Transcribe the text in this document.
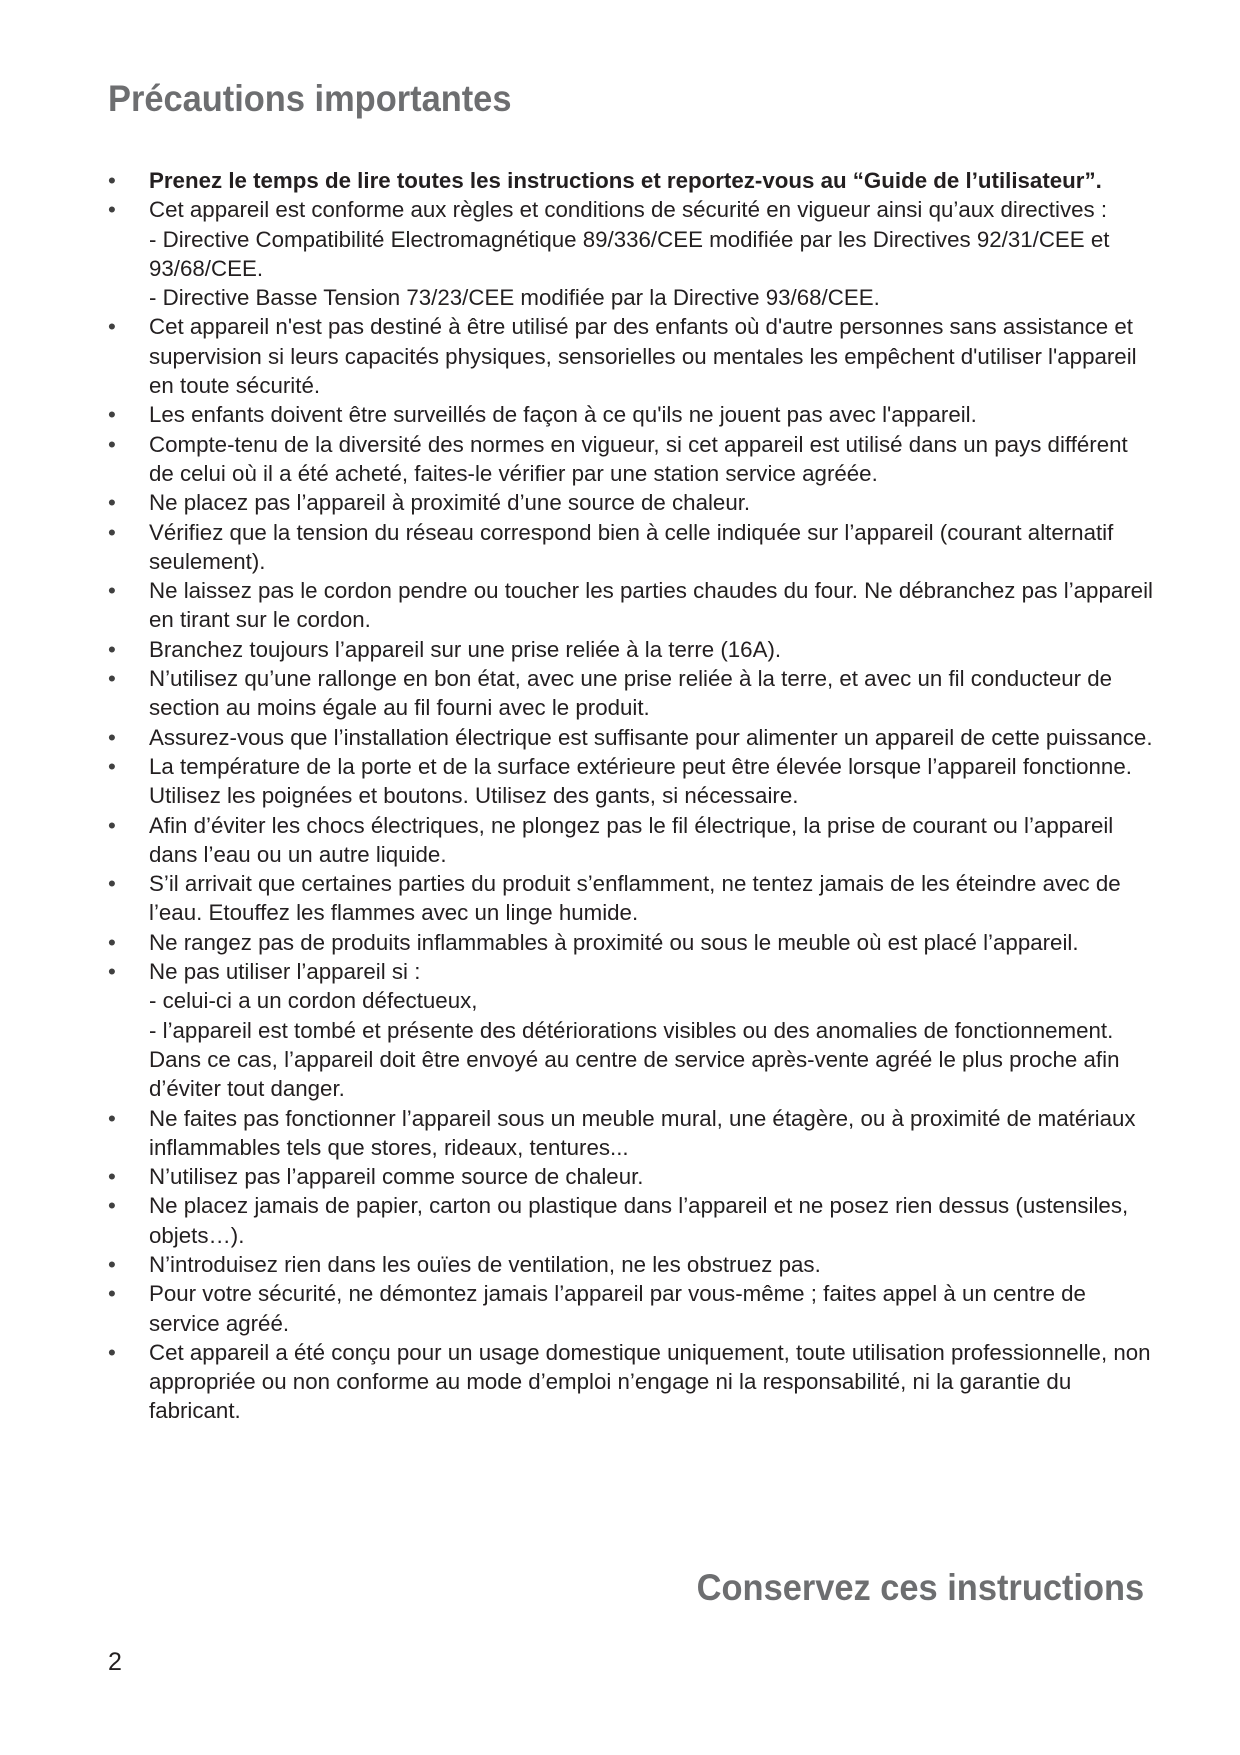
Précautions importantes
•	Prenez le temps de lire toutes les instructions et reportez-vous au “Guide de l’utilisateur”.
•	Cet appareil est conforme aux règles et conditions de sécurité en vigueur ainsi qu’aux directives :
- Directive Compatibilité Electromagnétique 89/336/CEE modifiée par les Directives 92/31/CEE et 93/68/CEE.
- Directive Basse Tension 73/23/CEE modifiée par la Directive 93/68/CEE.
•	Cet appareil n'est pas destiné à être utilisé par des enfants où d'autre personnes sans assistance et supervision si leurs capacités physiques, sensorielles ou mentales les empêchent d'utiliser l'appareil en toute sécurité.
•	Les enfants doivent être surveillés de façon à ce qu'ils ne jouent pas avec l'appareil.
•	Compte-tenu de la diversité des normes en vigueur, si cet appareil est utilisé dans un pays différent de celui où il a été acheté, faites-le vérifier par une station service agréée.
•	Ne placez pas l’appareil à proximité d’une source de chaleur.
•	Vérifiez que la tension du réseau correspond bien à celle indiquée sur l’appareil (courant alternatif seulement).
•	Ne laissez pas le cordon pendre ou toucher les parties chaudes du four. Ne débranchez pas l’appareil en tirant sur le cordon.
•	Branchez toujours l’appareil sur une prise reliée à la terre (16A).
•	N’utilisez qu’une rallonge en bon état, avec une prise reliée à la terre, et avec un fil conducteur de section au moins égale au fil fourni avec le produit.
•	Assurez-vous que l’installation électrique est suffisante pour alimenter un appareil de cette puissance.
•	La température de la porte et de la surface extérieure peut être élevée lorsque l’appareil fonctionne. Utilisez les poignées et boutons. Utilisez des gants, si nécessaire.
•	Afin d’éviter les chocs électriques, ne plongez pas le fil électrique, la prise de courant ou l’appareil dans l’eau ou un autre liquide.
•	S’il arrivait que certaines parties du produit s’enflamment, ne tentez jamais de les éteindre avec de l’eau. Etouffez les flammes avec un linge humide.
•	Ne rangez pas de produits inflammables à proximité ou sous le meuble où est placé l’appareil.
•	Ne pas utiliser l’appareil si :
- celui-ci a un cordon défectueux,
- l’appareil est tombé et présente des détériorations visibles ou des anomalies de fonctionnement.
Dans ce cas, l’appareil doit être envoyé au centre de service après-vente agréé le plus proche afin d’éviter tout danger.
•	Ne faites pas fonctionner l’appareil sous un meuble mural, une étagère, ou à proximité de matériaux inflammables tels que stores, rideaux, tentures...
•	N’utilisez pas l’appareil comme source de chaleur.
•	Ne placez jamais de papier, carton ou plastique dans l’appareil et ne posez rien dessus (ustensiles, objets…).
•	N’introduisez rien dans les ouïes de ventilation, ne les obstruez pas.
•	Pour votre sécurité, ne démontez jamais l’appareil par vous-même ; faites appel à un centre de service agréé.
•	Cet appareil a été conçu pour un usage domestique uniquement, toute utilisation professionnelle, non appropriée ou non conforme au mode d’emploi n’engage ni la responsabilité, ni la garantie du fabricant.
Conservez ces instructions
2
